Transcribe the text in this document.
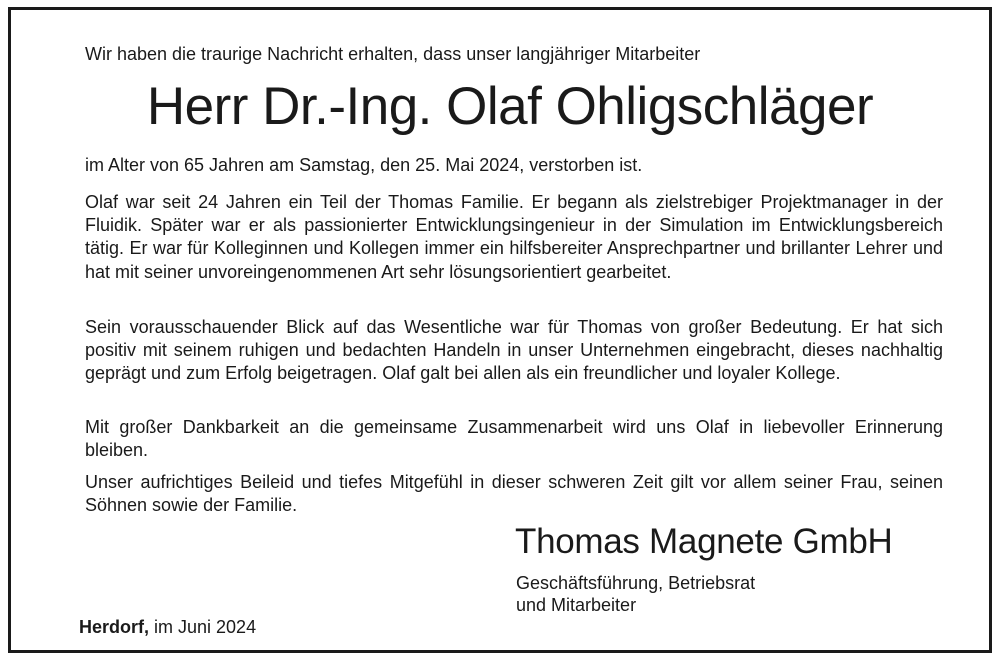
Wir haben die traurige Nachricht erhalten, dass unser langjähriger Mitarbeiter
Herr Dr.-Ing. Olaf Ohligschläger
im Alter von 65 Jahren am Samstag, den 25. Mai 2024, verstorben ist.
Olaf war seit 24 Jahren ein Teil der Thomas Familie. Er begann als zielstrebiger Projektmanager in der Fluidik. Später war er als passionierter Entwicklungsingenieur in der Simulation im Entwicklungsbereich tätig. Er war für Kolleginnen und Kollegen immer ein hilfsbereiter Ansprechpartner und brillanter Lehrer und hat mit seiner unvoreingenommenen Art sehr lösungsorientiert gearbeitet.
Sein vorausschauender Blick auf das Wesentliche war für Thomas von großer Bedeutung. Er hat sich positiv mit seinem ruhigen und bedachten Handeln in unser Unternehmen eingebracht, dieses nachhaltig geprägt und zum Erfolg beigetragen. Olaf galt bei allen als ein freundlicher und loyaler Kollege.
Mit großer Dankbarkeit an die gemeinsame Zusammenarbeit wird uns Olaf in liebevoller Erinnerung bleiben.
Unser aufrichtiges Beileid und tiefes Mitgefühl in dieser schweren Zeit gilt vor allem seiner Frau, seinen Söhnen sowie der Familie.
Thomas Magnete GmbH
Geschäftsführung, Betriebsrat
und Mitarbeiter
Herdorf, im Juni 2024
